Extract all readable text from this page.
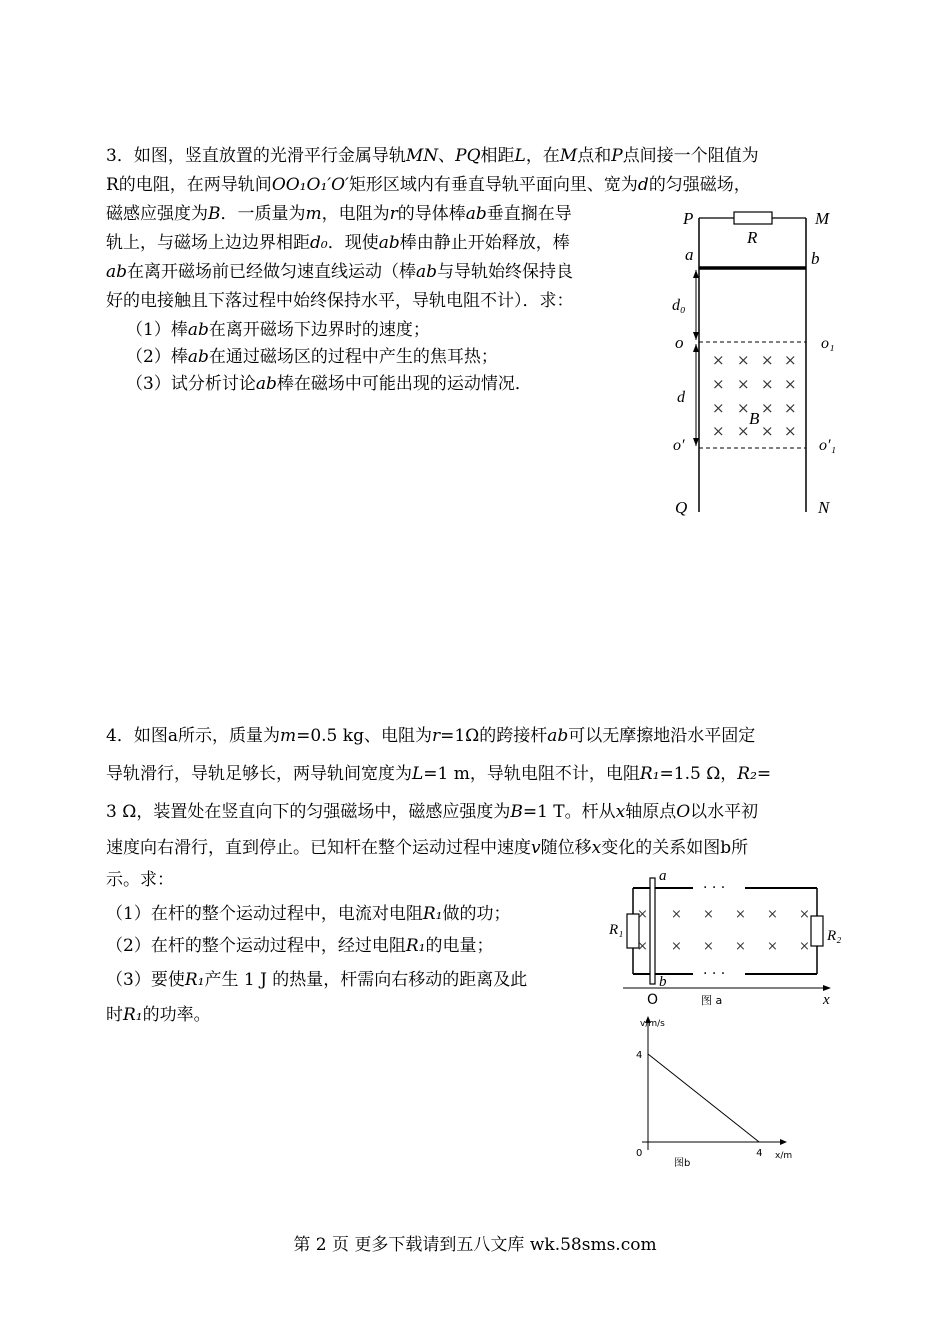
3．如图，竖直放置的光滑平行金属导轨MN、PQ相距L，在M点和P点间接一个阻值为
R的电阻，在两导轨间OO₁O₁′O′矩形区域内有垂直导轨平面向里、宽为d的匀强磁场，
磁感应强度为B．一质量为m，电阻为r的导体棒ab垂直搁在导
轨上，与磁场上边边界相距d₀．现使ab棒由静止开始释放，棒
ab在离开磁场前已经做匀速直线运动（棒ab与导轨始终保持良
好的电接触且下落过程中始终保持水平，导轨电阻不计）．求：
（1）棒ab在离开磁场下边界时的速度；
（2）棒ab在通过磁场区的过程中产生的焦耳热；
（3）试分析讨论ab棒在磁场中可能出现的运动情况．
× × × ×
× × × ×
× × × ×
× × × ×
P	M
R
a	b
d₀
o	o₁
d
B
o′	o′₁
Q	N
4．如图a所示，质量为m=0.5 kg、电阻为r=1Ω的跨接杆ab可以无摩擦地沿水平固定
导轨滑行，导轨足够长，两导轨间宽度为L=1 m，导轨电阻不计，电阻R₁=1.5 Ω，R₂=
3 Ω，装置处在竖直向下的匀强磁场中，磁感应强度为B=1 T。杆从x轴原点O以水平初
速度向右滑行，直到停止。已知杆在整个运动过程中速度v随位移x变化的关系如图b所
示。求：
（1）在杆的整个运动过程中，电流对电阻R₁做的功；
（2）在杆的整个运动过程中，经过电阻R₁的电量；
（3）要使R₁产生 1 J 的热量，杆需向右移动的距离及此
时R₁的功率。
· · ·
· · ·
× × × × × ×
× × × × × ×
a
b
R₁	R₂
O	x
图 a
0	4
4
v/m/s
x/m
图b
第 2 页 更多下载请到五八文库 wk.58sms.com
